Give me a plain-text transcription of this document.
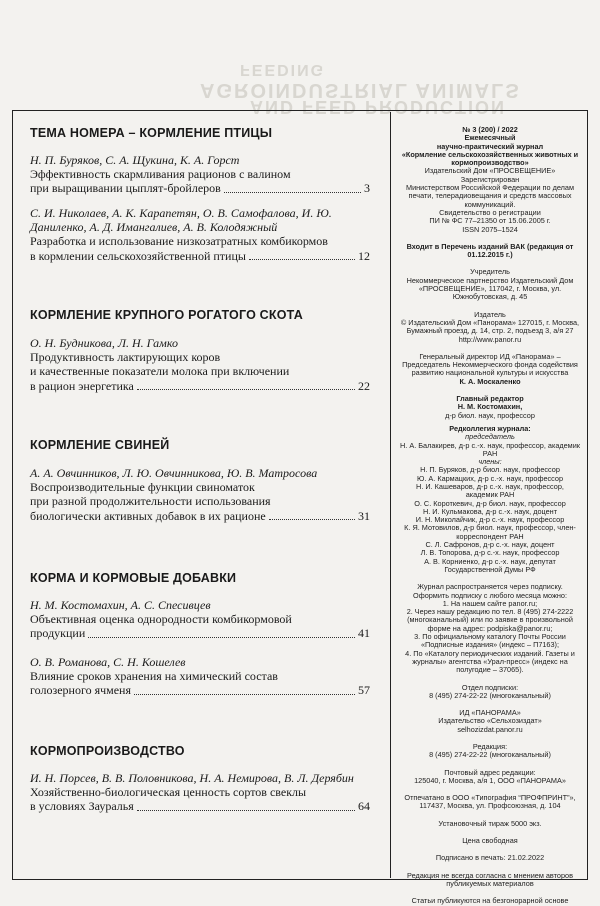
FEEDING
AGROINDUSTRIAL ANIMALS
AND FEED PRODUCTION
ТЕМА НОМЕРА – КОРМЛЕНИЕ ПТИЦЫ
Н. П. Буряков, С. А. Щукина, К. А. Горст
Эффективность скармливания рационов с валином
при выращивании цыплят-бройлеров	3
С. И. Николаев, А. К. Карапетян, О. В. Самофалова, И. Ю. Даниленко, А. Д. Имангалиев, А. В. Колодяжный
Разработка и использование низкозатратных комбикормов
в кормлении сельскохозяйственной птицы	12
КОРМЛЕНИЕ КРУПНОГО РОГАТОГО СКОТА
О. Н. Будникова, Л. Н. Гамко
Продуктивность лактирующих коров
и качественные показатели молока при включении
в рацион энергетика	22
КОРМЛЕНИЕ СВИНЕЙ
А. А. Овчинников, Л. Ю. Овчинникова, Ю. В. Матросова
Воспроизводительные функции свиноматок
при разной продолжительности использования
биологически активных добавок в их рационе	31
КОРМА И КОРМОВЫЕ ДОБАВКИ
Н. М. Костомахин, А. С. Спесивцев
Объективная оценка однородности комбикормовой
продукции	41
О. В. Романова, С. Н. Кошелев
Влияние сроков хранения на химический состав
голозерного ячменя	57
КОРМОПРОИЗВОДСТВО
И. Н. Порсев, В. В. Половникова, Н. А. Немирова, В. Л. Дерябин
Хозяйственно-биологическая ценность сортов свеклы
в условиях Зауралья	64
№ 3 (200) / 2022
Ежемесячный
научно-практический журнал
«Кормление сельскохозяйственных животных и кормопроизводство»
Издательский Дом «ПРОСВЕЩЕНИЕ»
Зарегистрирован
Министерством Российской Федерации по делам печати, телерадиовещания и средств массовых коммуникаций.
Свидетельство о регистрации
ПИ № ФС 77–21350 от 15.06.2005 г.
ISSN 2075–1524
Входит в Перечень изданий ВАК (редакция от 01.12.2015 г.)
Учредитель
Некоммерческое партнерство Издательский Дом «ПРОСВЕЩЕНИЕ», 117042, г. Москва, ул. Южнобутовская, д. 45
Издатель
© Издательский Дом «Панорама» 127015, г. Москва, Бумажный проезд, д. 14, стр. 2, подъезд 3, а/я 27
http://www.panor.ru
Генеральный директор ИД «Панорама» – Председатель Некоммерческого фонда содействия развитию национальной культуры и искусства
К. А. Москаленко
Главный редактор
Н. М. Костомахин,
д-р биол. наук, профессор
Редколлегия журнала:
председатель
Н. А. Балакирев, д-р с.-х. наук, профессор, академик РАН
члены:
Н. П. Буряков, д-р биол. наук, профессор
Ю. А. Кармацких, д-р с.-х. наук, профессор
Н. И. Кашеваров, д-р с.-х. наук, профессор, академик РАН
О. С. Короткевич, д-р биол. наук, профессор
Н. И. Кульмакова, д-р с.-х. наук, доцент
И. Н. Миколайчик, д-р с.-х. наук, профессор
К. Я. Мотовилов, д-р биол. наук, профессор, член-корреспондент РАН
С. Л. Сафронов, д-р с.-х. наук, доцент
Л. В. Топорова, д-р с.-х. наук, профессор
А. В. Корниенко, д-р с.-х. наук, депутат Государственной Думы РФ
Журнал распространяется через подписку. Оформить подписку с любого месяца можно:
1. На нашем сайте panor.ru;
2. Через нашу редакцию по тел. 8 (495) 274-2222 (многоканальный) или по заявке в произвольной форме на адрес: podpiska@panor.ru;
3. По официальному каталогу Почты России «Подписные издания» (индекс – П7163);
4. По «Каталогу периодических изданий. Газеты и журналы» агентства «Урал-пресс» (индекс на полугодие – 37065).
Отдел подписки:
8 (495) 274-22-22 (многоканальный)
ИД «ПАНОРАМА»
Издательство «Сельхозиздат»
selhozizdat.panor.ru
Редакция:
8 (495) 274-22-22 (многоканальный)
Почтовый адрес редакции:
125040, г. Москва, а/я 1, ООО «ПАНОРАМА»
Отпечатано в ООО «Типография “ПРОФПРИНТ”», 117437, Москва, ул. Профсоюзная, д. 104
Установочный тираж 5000 экз.
Цена свободная
Подписано в печать: 21.02.2022
Редакция не всегда согласна с мнением авторов публикуемых материалов
Статьи публикуются на безгонорарной основе
